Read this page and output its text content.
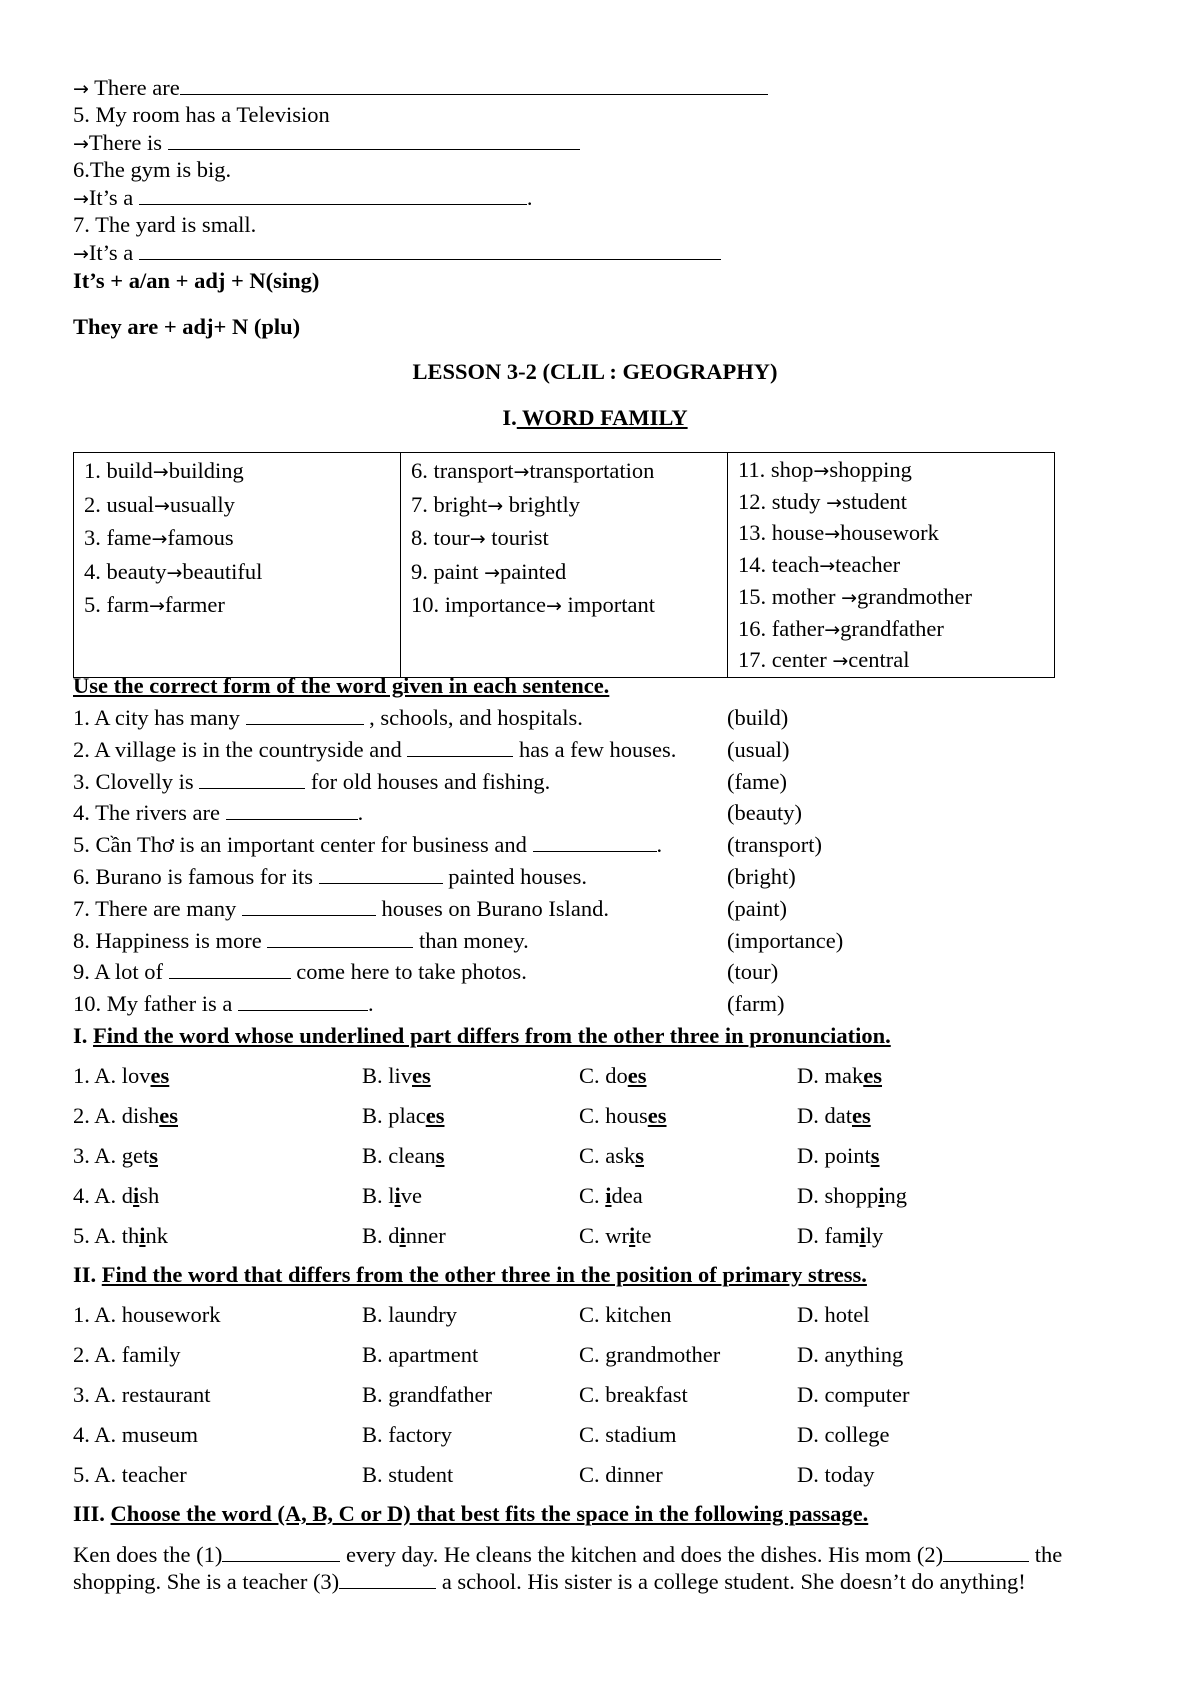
→ There are
5. My room has a Television
→There is
6.The gym is big.
→It’s a	.
7. The yard is small.
→It’s a
It’s + a/an + adj + N(sing)
They are + adj+ N (plu)
LESSON 3-2 (CLIL : GEOGRAPHY)
I. WORD FAMILY
1. build→building
2. usual→usually
3. fame→famous
4. beauty→beautiful
5. farm→farmer

6. transport→transportation
7. bright→ brightly
8. tour→ tourist
9. paint →painted
10. importance→ important

11. shop→shopping
12. study →student
13. house→housework
14. teach→teacher
15. mother →grandmother
16. father→grandfather
17. center →central
Use the correct form of the word given in each sentence.
1. A city has many	, schools, and hospitals.	(build)
2. A village is in the countryside and	has a few houses. (usual)
3. Clovelly is	for old houses and fishing.	(fame)
4. The rivers are	.	(beauty)
5. Cần Thơ is an important center for business and	.	(transport)
6. Burano is famous for its	painted houses.	(bright)
7. There are many	houses on Burano Island.	(paint)
8. Happiness is more	than money.	(importance)
9. A lot of	come here to take photos.	(tour)
10. My father is a	.	(farm)
I. Find the word whose underlined part differs from the other three in pronunciation.
1. A. loves	B. lives	C. does	D. makes
2. A. dishes	B. places	C. houses	D. dates
3. A. gets	B. cleans	C. asks	D. points
4. A. dish	B. live	C. idea	D. shopping
5. A. think	B. dinner	C. write	D. family
II. Find the word that differs from the other three in the position of primary stress.
1. A. housework	B. laundry	C. kitchen	D. hotel
2. A. family	B. apartment	C. grandmother	D. anything
3. A. restaurant	B. grandfather	C. breakfast	D. computer
4. A. museum	B. factory	C. stadium	D. college
5. A. teacher	B. student	C. dinner	D. today
III. Choose the word (A, B, C or D) that best fits the space in the following passage.
Ken does the (1)	every day. He cleans the kitchen and does the dishes. His mom (2)	the
shopping. She is a teacher (3)	a school. His sister is a college student. She doesn’t do anything!
